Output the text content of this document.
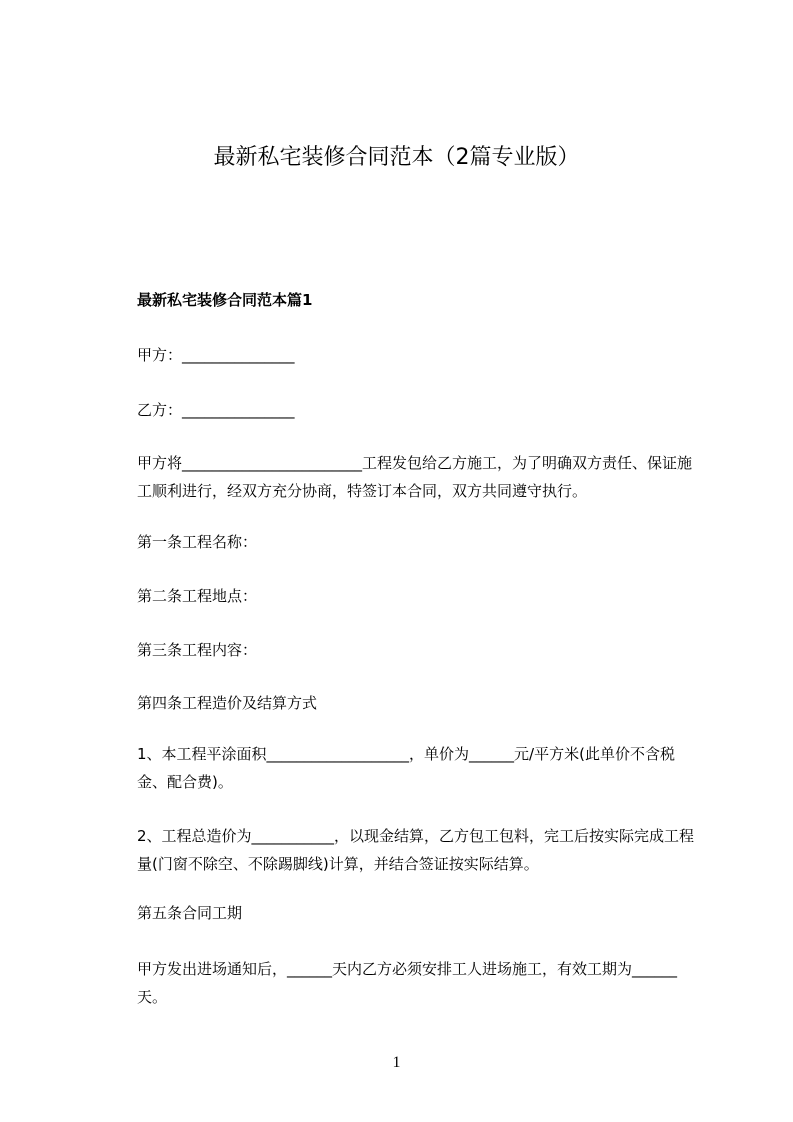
最新私宅装修合同范本（2篇专业版）
最新私宅装修合同范本篇1
甲方：_______________
乙方：_______________
甲方将________________________工程发包给乙方施工，为了明确双方责任、保证施工顺利进行，经双方充分协商，特签订本合同，双方共同遵守执行。
第一条工程名称：
第二条工程地点：
第三条工程内容：
第四条工程造价及结算方式
1、本工程平涂面积___________________，单价为______元/平方米(此单价不含税金、配合费)。
2、工程总造价为___________，以现金结算，乙方包工包料，完工后按实际完成工程量(门窗不除空、不除踢脚线)计算，并结合签证按实际结算。
第五条合同工期
甲方发出进场通知后，______天内乙方必须安排工人进场施工，有效工期为______天。
1
